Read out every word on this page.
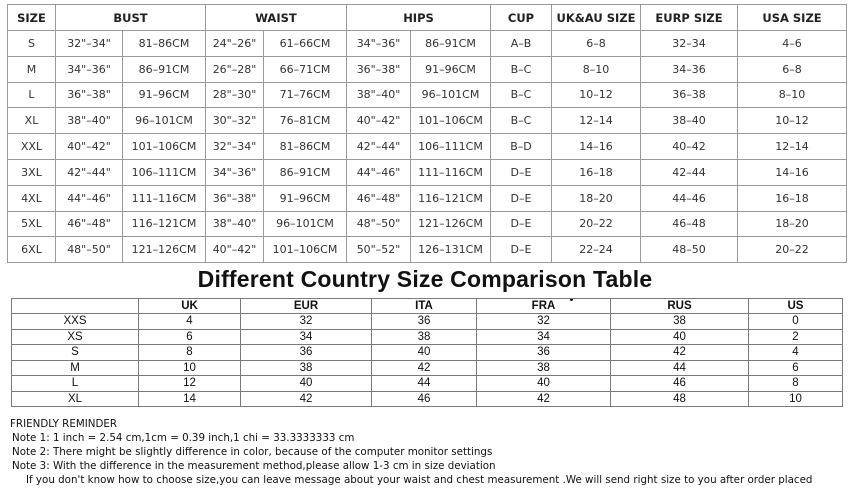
SIZE	BUST		WAIST		HIPS		CUP	UK&AU SIZE	EURP SIZE	USA SIZE
S	32"–34"	81–86CM	24"–26"	61–66CM	34"–36"	86–91CM	A–B	6–8	32–34	4–6
M	34"–36"	86–91CM	26"–28"	66–71CM	36"–38"	91–96CM	B–C	8–10	34–36	6–8
L	36"–38"	91–96CM	28"–30"	71–76CM	38"–40"	96–101CM	B–C	10–12	36–38	8–10
XL	38"–40"	96–101CM	30"–32"	76–81CM	40"–42"	101–106CM	B–C	12–14	38–40	10–12
XXL	40"–42"	101–106CM	32"–34"	81–86CM	42"–44"	106–111CM	B–D	14–16	40–42	12–14
3XL	42"–44"	106–111CM	34"–36"	86–91CM	44"–46"	111–116CM	D–E	16–18	42–44	14–16
4XL	44"–46"	111–116CM	36"–38"	91–96CM	46"–48"	116–121CM	D–E	18–20	44–46	16–18
5XL	46"–48"	116–121CM	38"–40"	96–101CM	48"–50"	121–126CM	D–E	20–22	46–48	18–20
6XL	48"–50"	121–126CM	40"–42"	101–106CM	50"–52"	126–131CM	D–E	22–24	48–50	20–22
Different Country Size Comparison Table
	UK	EUR	ITA	FRA	RUS	US
XXS	4	32	36	32	38	0
XS	6	34	38	34	40	2
S	8	36	40	36	42	4
M	10	38	42	38	44	6
L	12	40	44	40	46	8
XL	14	42	46	42	48	10
FRIENDLY REMINDER
Note 1: 1 inch = 2.54 cm,1cm = 0.39 inch,1 chi = 33.3333333 cm
Note 2: There might be slightly difference in color, because of the computer monitor settings
Note 3: With the difference in the measurement method,please allow 1-3 cm in size deviation
If you don't know how to choose size,you can leave message about your waist and chest measurement .We will send right size to you after order placed
